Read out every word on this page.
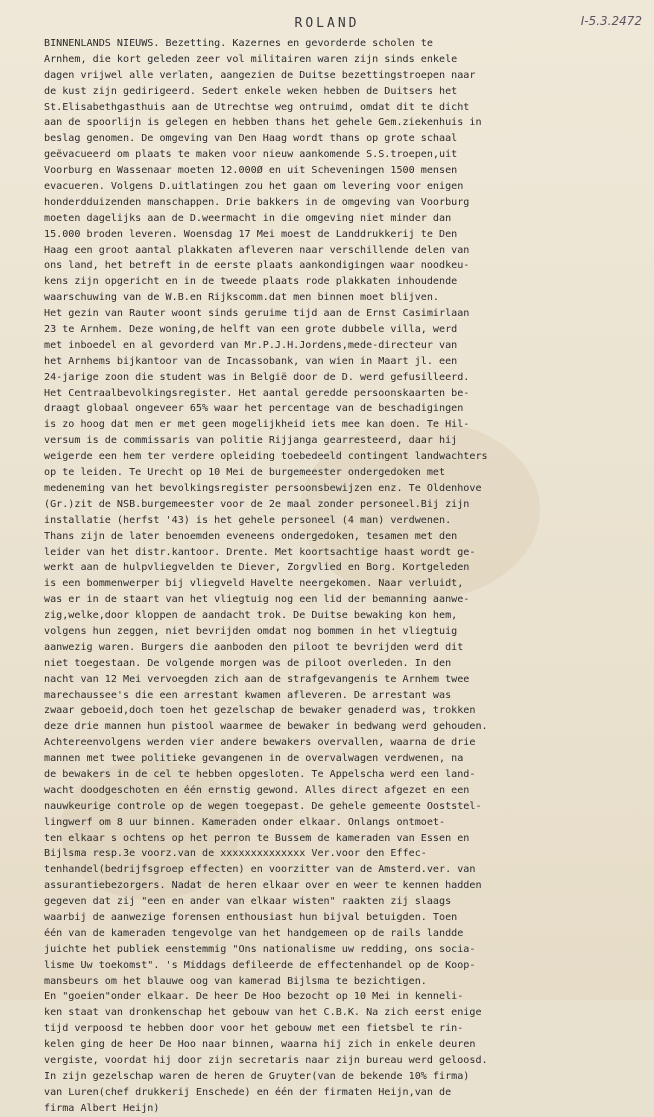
ROLAND	I-5.3.2472
BINNENLANDS NIEUWS. Bezetting. Kazernes en gevorderde scholen te
Arnhem, die kort geleden zeer vol militairen waren zijn sinds enkele
dagen vrijwel alle verlaten, aangezien de Duitse bezettingstroepen naar
de kust zijn gedirigeerd. Sedert enkele weken hebben de Duitsers het
St.Elisabethgasthuis aan de Utrechtse weg ontruimd, omdat dit te dicht
aan de spoorlijn is gelegen en hebben thans het gehele Gem.ziekenhuis in
beslag genomen. De omgeving van Den Haag wordt thans op grote schaal
geëvacueerd om plaats te maken voor nieuw aankomende S.S.troepen,uit
Voorburg en Wassenaar moeten 12.000Ø en uit Scheveningen 1500 mensen
evacueren. Volgens D.uitlatingen zou het gaan om levering voor enigen
honderdduizenden manschappen. Drie bakkers in de omgeving van Voorburg
moeten dagelijks aan de D.weermacht in die omgeving niet minder dan
15.000 broden leveren. Woensdag 17 Mei moest de Landdrukkerij te Den
Haag een groot aantal plakkaten afleveren naar verschillende delen van
ons land, het betreft in de eerste plaats aankondigingen waar noodkeu-
kens zijn opgericht en in de tweede plaats rode plakkaten inhoudende
waarschuwing van de W.B.en Rijkscomm.dat men binnen moet blijven.
Het gezin van Rauter woont sinds geruime tijd aan de Ernst Casimirlaan
23 te Arnhem. Deze woning,de helft van een grote dubbele villa, werd
met inboedel en al gevorderd van Mr.P.J.H.Jordens,mede-directeur van
het Arnhems bijkantoor van de Incassobank, van wien in Maart jl. een
24-jarige zoon die student was in België door de D. werd gefusilleerd.
Het Centraalbevolkingsregister. Het aantal geredde persoonskaarten be-
draagt globaal ongeveer 65% waar het percentage van de beschadigingen
is zo hoog dat men er met geen mogelijkheid iets mee kan doen. Te Hil-
versum is de commissaris van politie Rijjanga gearresteerd, daar hij
weigerde een hem ter verdere opleiding toebedeeld contingent landwachters
op te leiden. Te Urecht op 10 Mei de burgemeester ondergedoken met
medeneming van het bevolkingsregister persoonsbewijzen enz. Te Oldenhove
(Gr.)zit de NSB.burgemeester voor de 2e maal zonder personeel.Bij zijn
installatie (herfst '43) is het gehele personeel (4 man) verdwenen.
Thans zijn de later benoemden eveneens ondergedoken, tesamen met den
leider van het distr.kantoor. Drente. Met koortsachtige haast wordt ge-
werkt aan de hulpvliegvelden te Diever, Zorgvlied en Borg. Kortgeleden
is een bommenwerper bij vliegveld Havelte neergekomen. Naar verluidt,
was er in de staart van het vliegtuig nog een lid der bemanning aanwe-
zig,welke,door kloppen de aandacht trok. De Duitse bewaking kon hem,
volgens hun zeggen, niet bevrijden omdat nog bommen in het vliegtuig
aanwezig waren. Burgers die aanboden den piloot te bevrijden werd dit
niet toegestaan. De volgende morgen was de piloot overleden. In den
nacht van 12 Mei vervoegden zich aan de strafgevangenis te Arnhem twee
marechaussee's die een arrestant kwamen afleveren. De arrestant was
zwaar geboeid,doch toen het gezelschap de bewaker genaderd was, trokken
deze drie mannen hun pistool waarmee de bewaker in bedwang werd gehouden.
Achtereenvolgens werden vier andere bewakers overvallen, waarna de drie
mannen met twee politieke gevangenen in de overvalwagen verdwenen, na
de bewakers in de cel te hebben opgesloten. Te Appelscha werd een land-
wacht doodgeschoten en één ernstig gewond. Alles direct afgezet en een
nauwkeurige controle op de wegen toegepast. De gehele gemeente Ooststel-
lingwerf om 8 uur binnen. Kameraden onder elkaar. Onlangs ontmoet-
ten elkaar s ochtens op het perron te Bussem de kameraden van Essen en
Bijlsma resp.3e voorz.van de xxxxxxxxxxxxxx Ver.voor den Effec-
tenhandel(bedrijfsgroep effecten) en voorzitter van de Amsterd.ver. van
assurantiebezorgers. Nadat de heren elkaar over en weer te kennen hadden
gegeven dat zij "een en ander van elkaar wisten" raakten zij slaags
waarbij de aanwezige forensen enthousiast hun bijval betuigden. Toen
één van de kameraden tengevolge van het handgemeen op de rails landde
juichte het publiek eenstemmig "Ons nationalisme uw redding, ons socia-
lisme Uw toekomst". 's Middags defileerde de effectenhandel op de Koop-
mansbeurs om het blauwe oog van kamerad Bijlsma te bezichtigen.
En "goeien"onder elkaar. De heer De Hoo bezocht op 10 Mei in kenneli-
ken staat van dronkenschap het gebouw van het C.B.K. Na zich eerst enige
tijd verpoosd te hebben door voor het gebouw met een fietsbel te rin-
kelen ging de heer De Hoo naar binnen, waarna hij zich in enkele deuren
vergiste, voordat hij door zijn secretaris naar zijn bureau werd geloosd.
In zijn gezelschap waren de heren de Gruyter(van de bekende 10% firma)
van Luren(chef drukkerij Enschede) en één der firmaten Heijn,van de
firma Albert Heijn)
